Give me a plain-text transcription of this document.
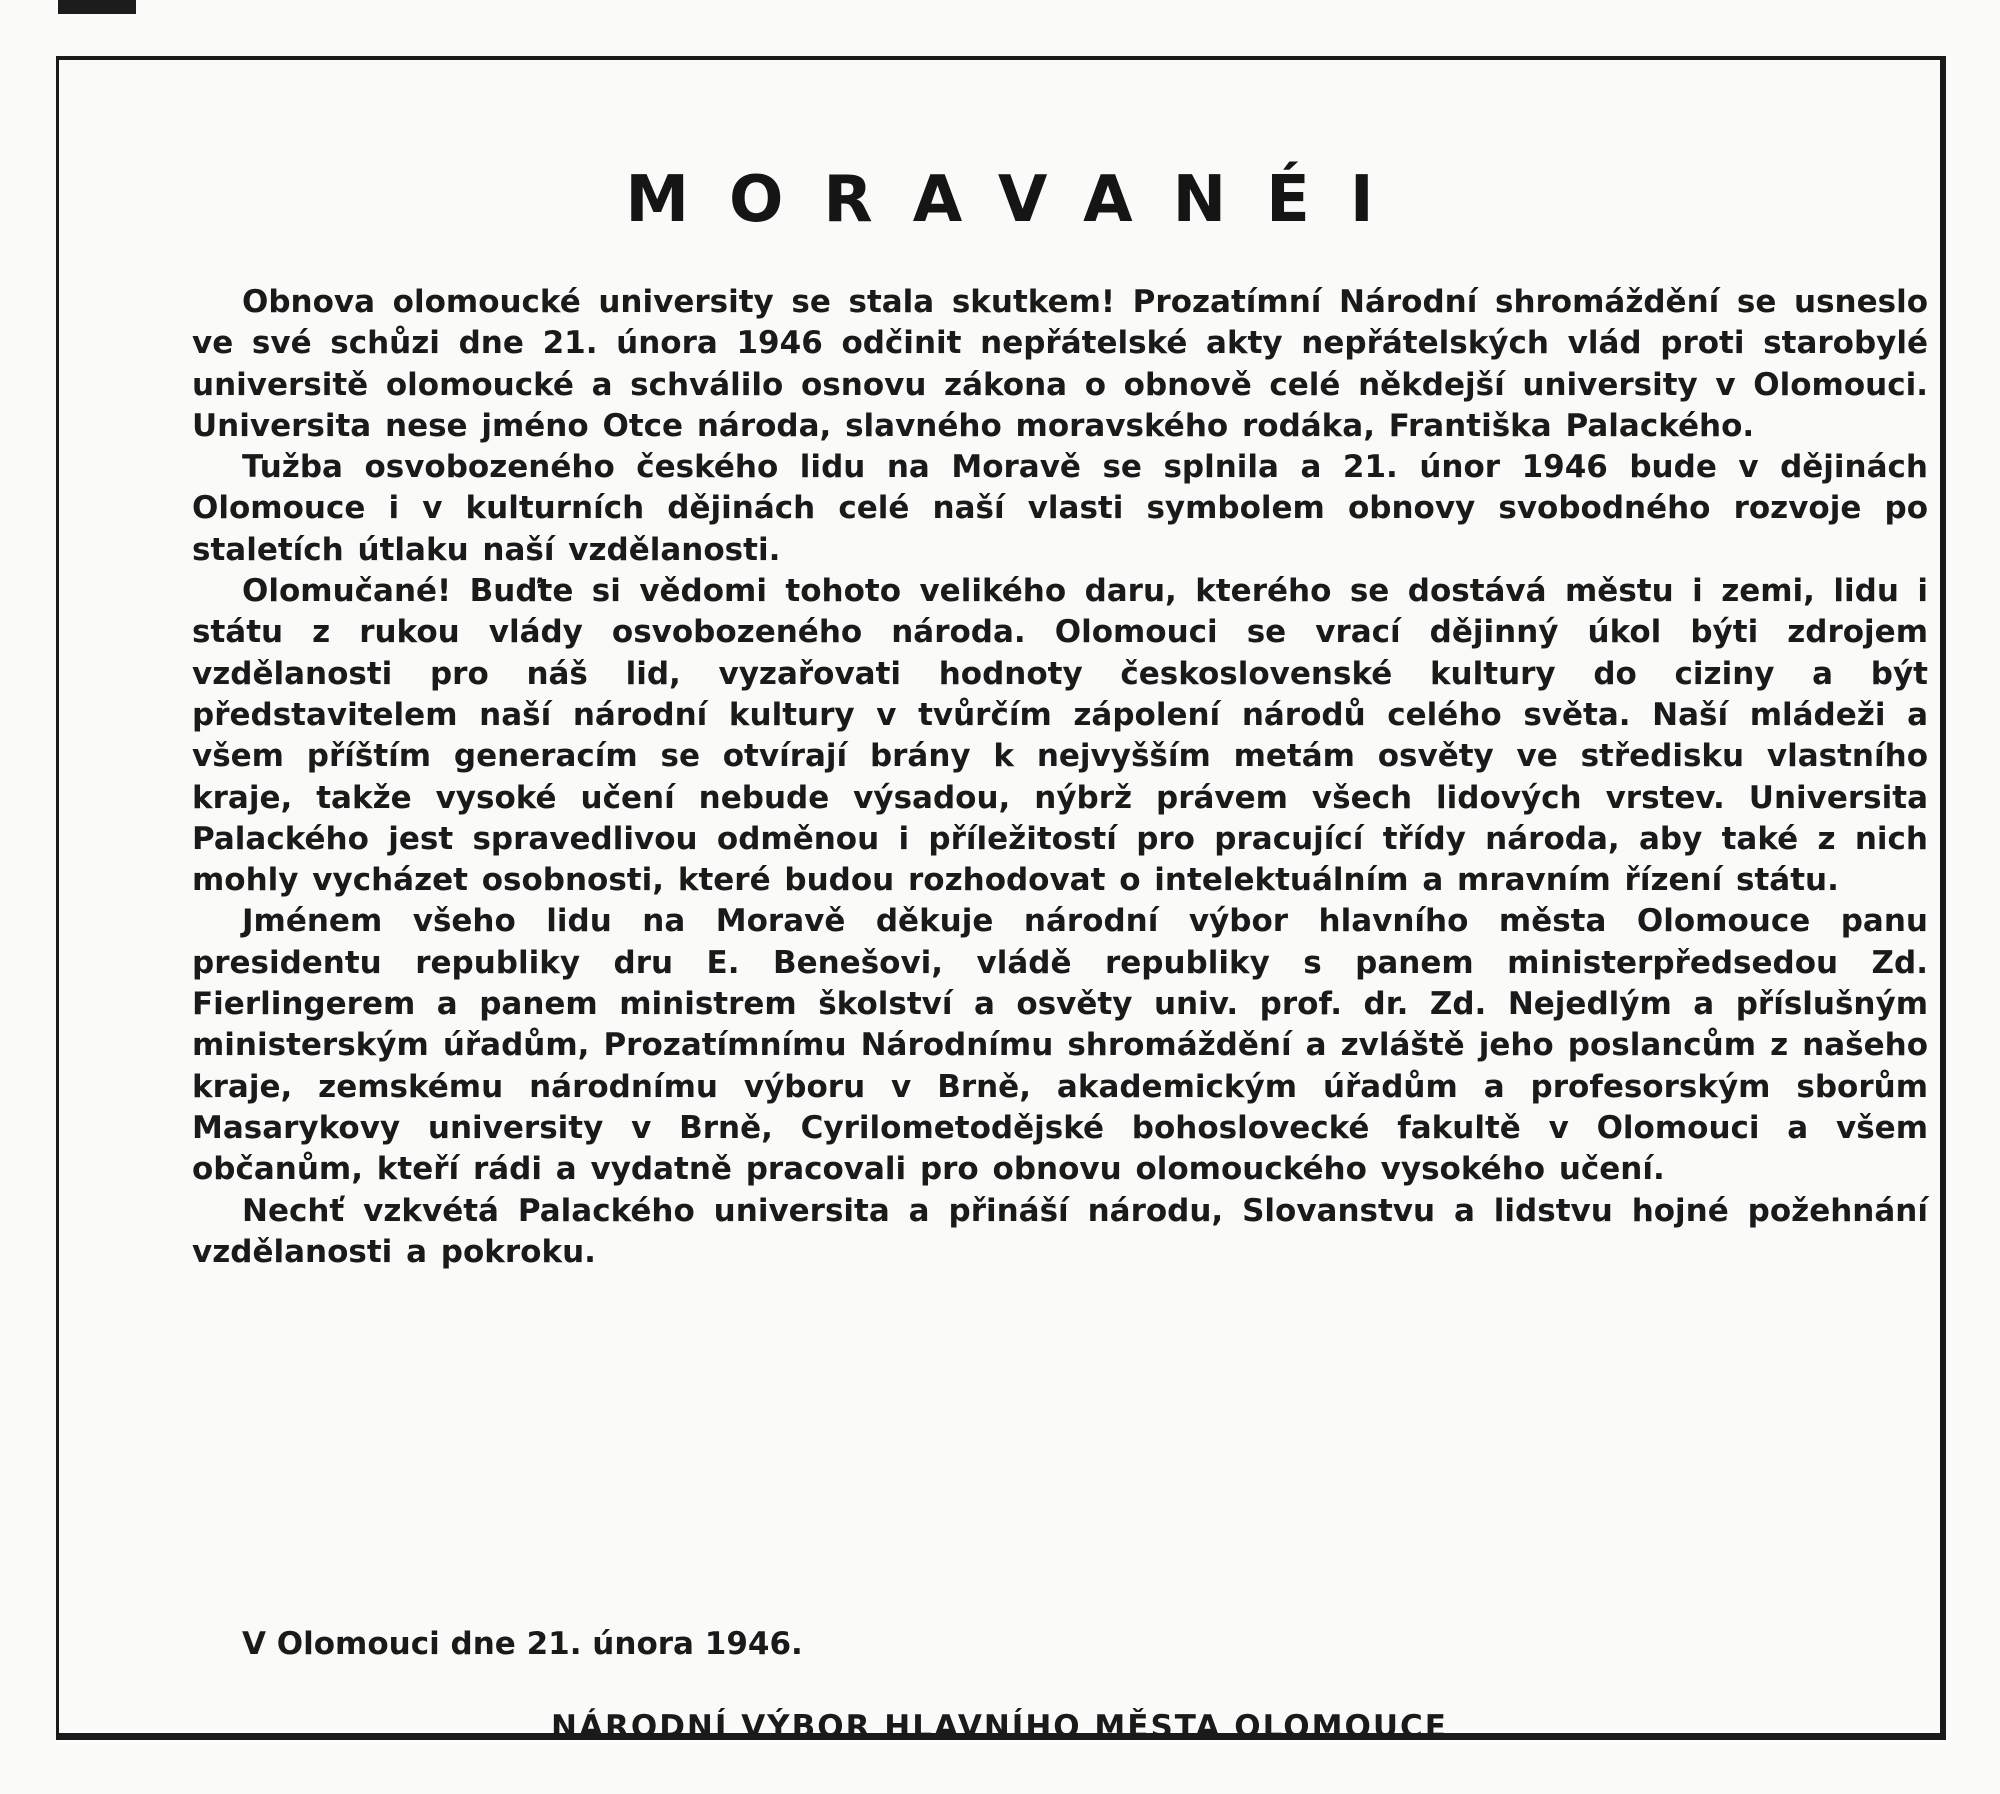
MORAVANÉI

Obnova olomoucké university se stala skutkem! Prozatímní Národní shromáždění se usneslo ve své schůzi dne 21. února 1946 odčinit nepřátelské akty nepřátelských vlád proti starobylé universitě olomoucké a schválilo osnovu zákona o obnově celé někdejší university v Olomouci. Universita nese jméno Otce národa, slavného moravského rodáka, Františka Palackého.

Tužba osvobozeného českého lidu na Moravě se splnila a 21. únor 1946 bude v dějinách Olomouce i v kulturních dějinách celé naší vlasti symbolem obnovy svobodného rozvoje po staletích útlaku naší vzdělanosti.

Olomučané! Buďte si vědomi tohoto velikého daru, kterého se dostává městu i zemi, lidu i státu z rukou vlády osvobozeného národa. Olomouci se vrací dějinný úkol býti zdrojem vzdělanosti pro náš lid, vyzařovati hodnoty československé kultury do ciziny a být představitelem naší národní kultury v tvůrčím zápolení národů celého světa. Naší mládeži a všem příštím generacím se otvírají brány k nejvyšším metám osvěty ve středisku vlastního kraje, takže vysoké učení nebude výsadou, nýbrž právem všech lidových vrstev. Universita Palackého jest spravedlivou odměnou i příležitostí pro pracující třídy národa, aby také z nich mohly vycházet osobnosti, které budou rozhodovat o intelektuálním a mravním řízení státu.

Jménem všeho lidu na Moravě děkuje národní výbor hlavního města Olomouce panu presidentu republiky dru E. Benešovi, vládě republiky s panem ministerpředsedou Zd. Fierlingerem a panem ministrem školství a osvěty univ. prof. dr. Zd. Nejedlým a příslušným ministerským úřadům, Prozatímnímu Národnímu shromáždění a zvláště jeho poslancům z našeho kraje, zemskému národnímu výboru v Brně, akademickým úřadům a profesorským sborům Masarykovy university v Brně, Cyrilometodějské bohoslovecké fakultě v Olomouci a všem občanům, kteří rádi a vydatně pracovali pro obnovu olomouckého vysokého učení.

Nechť vzkvétá Palackého universita a přináší národu, Slovanstvu a lidstvu hojné požehnání vzdělanosti a pokroku.

V Olomouci dne 21. února 1946.
NÁRODNÍ VÝBOR HLAVNÍHO MĚSTA OLOMOUCE
